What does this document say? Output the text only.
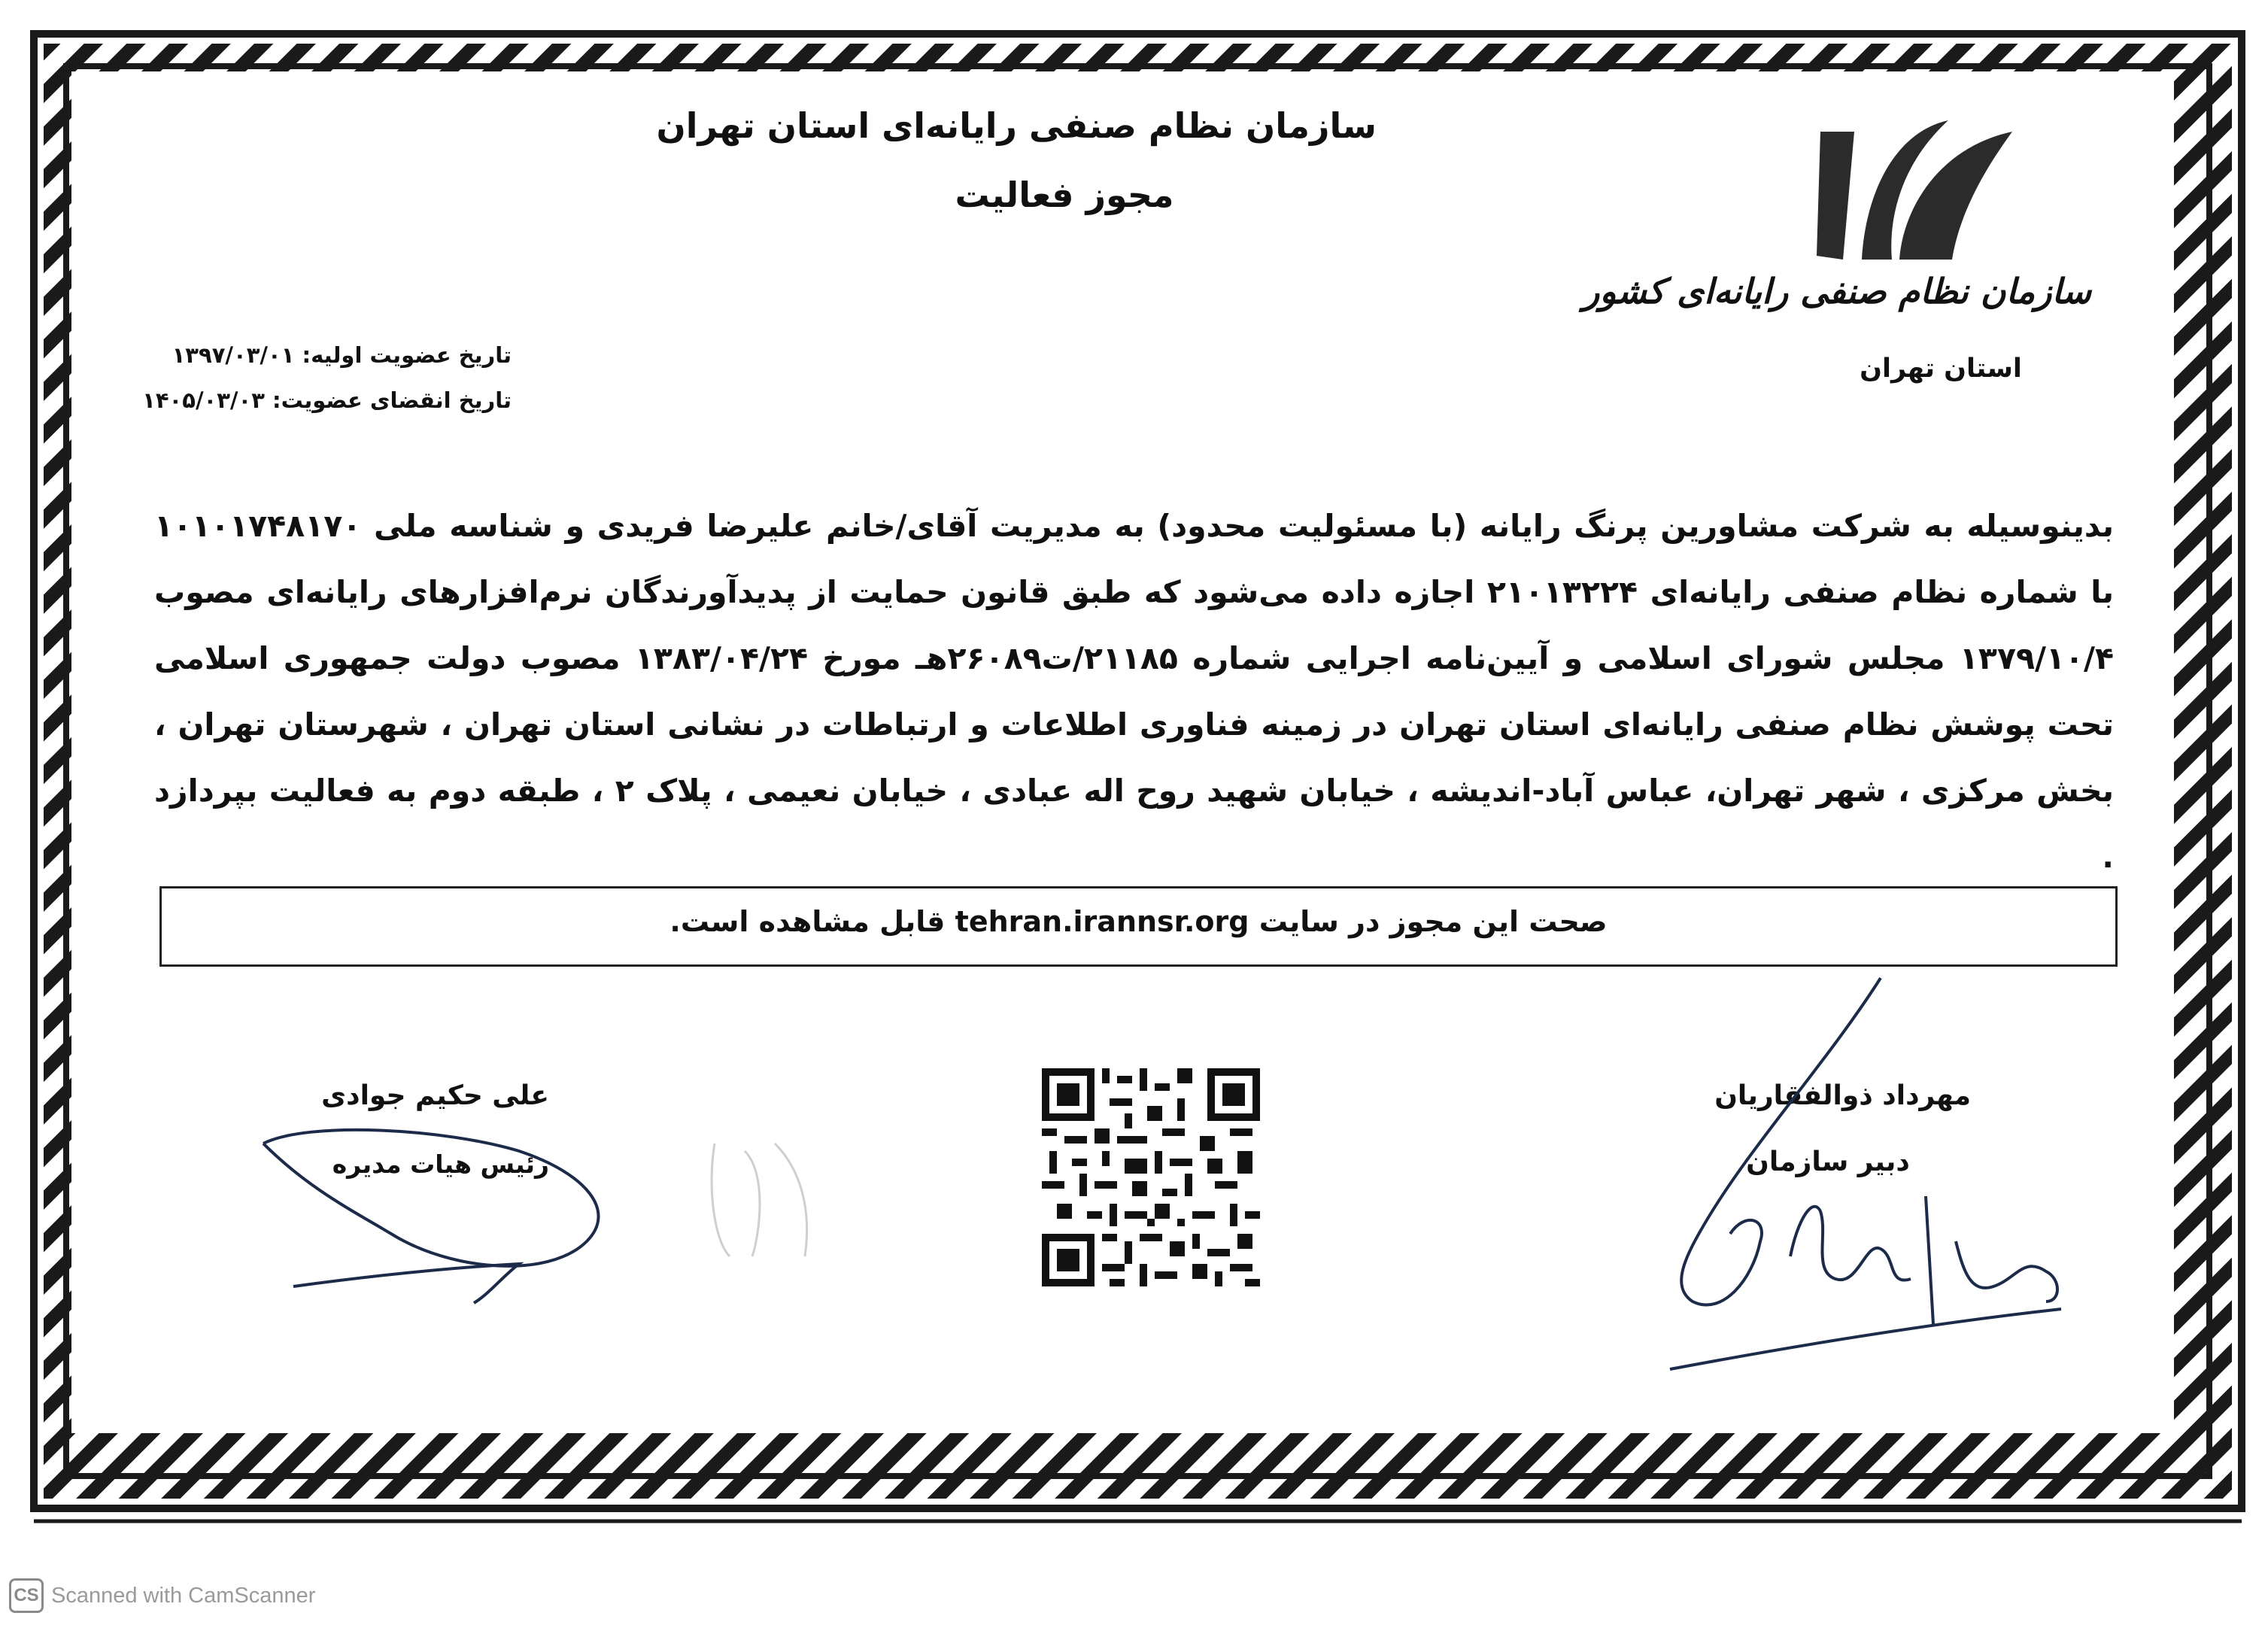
سازمان نظام صنفی رایانه‌ای کشور
استان تهران
سازمان نظام صنفی رایانه‌ای استان تهران
مجوز فعالیت
تاریخ عضویت اولیه: ۱۳۹۷/۰۳/۰۱
تاریخ انقضای عضویت: ۱۴۰۵/۰۳/۰۳
بدینوسیله به شرکت مشاورین پرنگ رایانه (با مسئولیت محدود) به مدیریت آقای/خانم علیرضا فریدی و شناسه ملی ۱۰۱۰۱۷۴۸۱۷۰ با شماره نظام صنفی رایانه‌ای ۲۱۰۱۳۲۲۴ اجازه داده می‌شود که طبق قانون حمایت از پدیدآورندگان نرم‌افزارهای رایانه‌ای مصوب ۱۳۷۹/۱۰/۴ مجلس شورای اسلامی و آیین‌نامه اجرایی شماره ۲۱۱۸۵/ت۲۶۰۸۹هـ مورخ ۱۳۸۳/۰۴/۲۴ مصوب دولت جمهوری اسلامی تحت پوشش نظام صنفی رایانه‌ای استان تهران در زمینه فناوری اطلاعات و ارتباطات در نشانی استان تهران ، شهرستان تهران ، بخش مرکزی ، شهر تهران، عباس آباد-اندیشه ، خیابان شهید روح اله عبادی ، خیابان نعیمی ، پلاک ۲ ، طبقه دوم به فعالیت بپردازد .
صحت این مجوز در سایت tehran.irannsr.org قابل مشاهده است.
مهرداد ذوالفقاریان
دبیر سازمان
علی حکیم جوادی
رئیس هیات مدیره
CS Scanned with CamScanner
